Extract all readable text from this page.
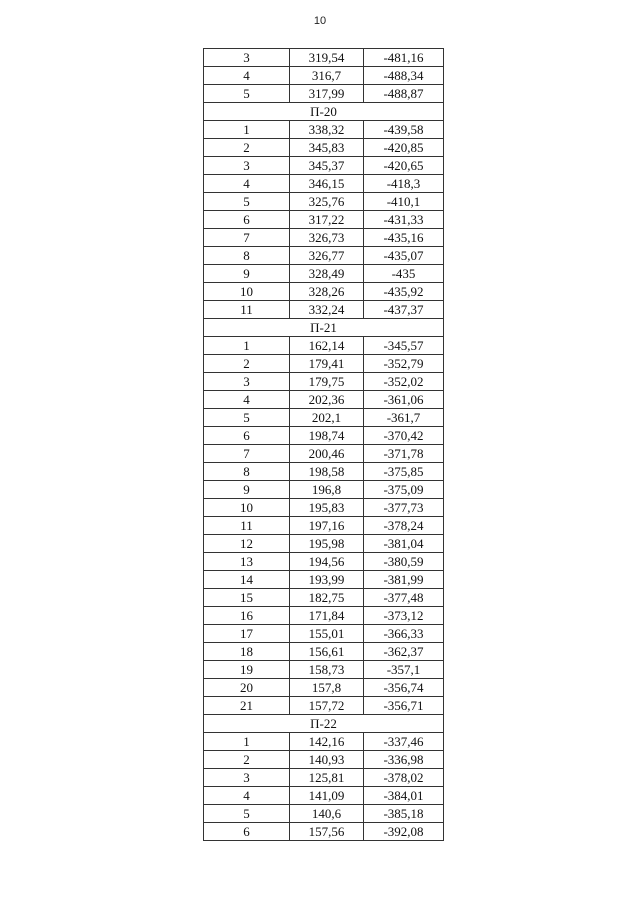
10
3	319,54	-481,16
4	316,7	-488,34
5	317,99	-488,87
П-20		
1	338,32	-439,58
2	345,83	-420,85
3	345,37	-420,65
4	346,15	-418,3
5	325,76	-410,1
6	317,22	-431,33
7	326,73	-435,16
8	326,77	-435,07
9	328,49	-435
10	328,26	-435,92
11	332,24	-437,37
П-21		
1	162,14	-345,57
2	179,41	-352,79
3	179,75	-352,02
4	202,36	-361,06
5	202,1	-361,7
6	198,74	-370,42
7	200,46	-371,78
8	198,58	-375,85
9	196,8	-375,09
10	195,83	-377,73
11	197,16	-378,24
12	195,98	-381,04
13	194,56	-380,59
14	193,99	-381,99
15	182,75	-377,48
16	171,84	-373,12
17	155,01	-366,33
18	156,61	-362,37
19	158,73	-357,1
20	157,8	-356,74
21	157,72	-356,71
П-22		
1	142,16	-337,46
2	140,93	-336,98
3	125,81	-378,02
4	141,09	-384,01
5	140,6	-385,18
6	157,56	-392,08
